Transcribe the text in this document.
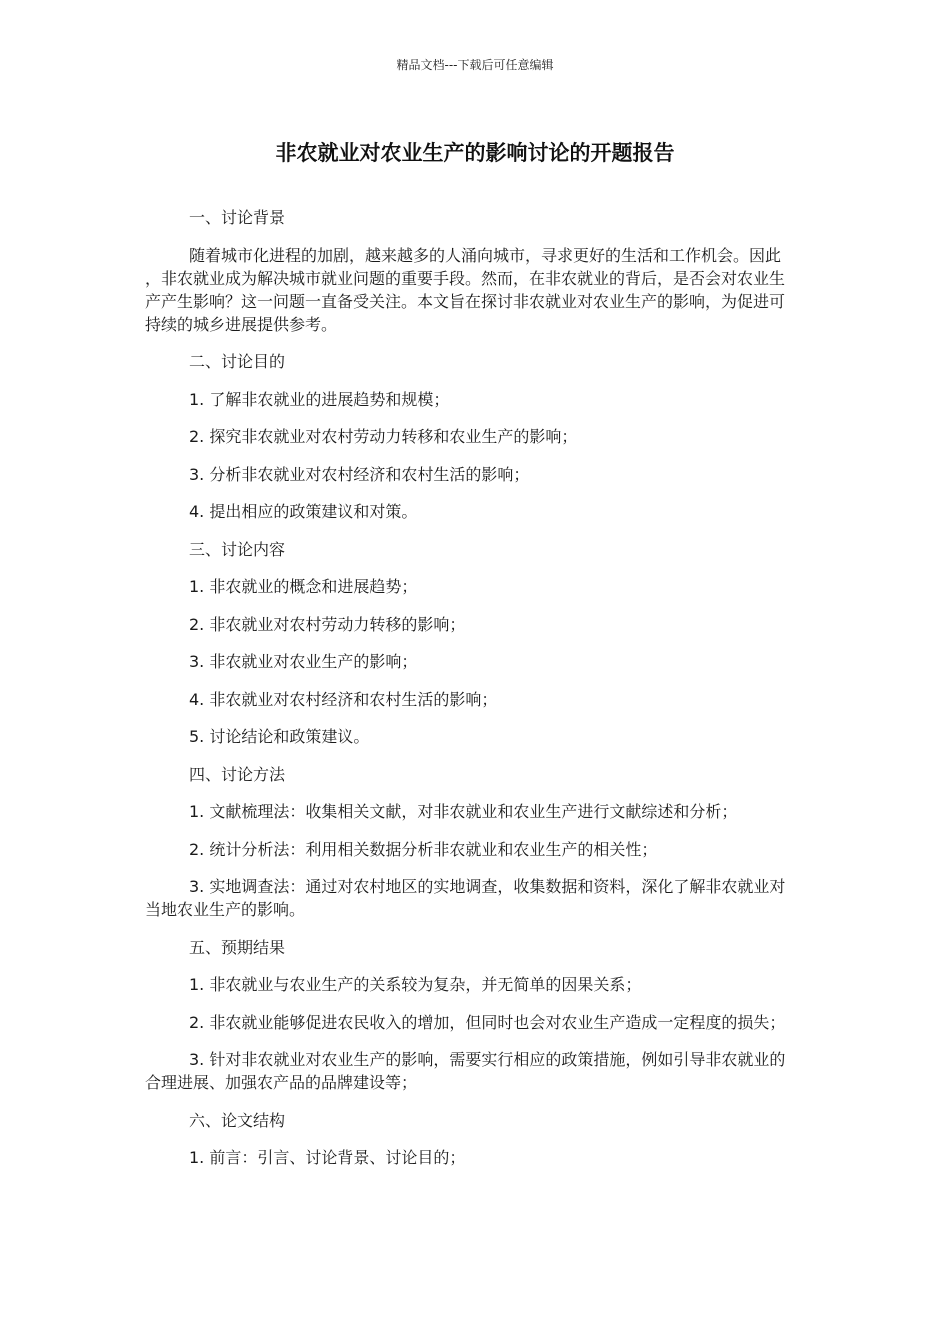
精品文档---下载后可任意编辑
非农就业对农业生产的影响讨论的开题报告

一、讨论背景

随着城市化进程的加剧，越来越多的人涌向城市，寻求更好的生活和工作机会。因此，非农就业成为解决城市就业问题的重要手段。然而，在非农就业的背后，是否会对农业生产产生影响？这一问题一直备受关注。本文旨在探讨非农就业对农业生产的影响，为促进可持续的城乡进展提供参考。

二、讨论目的

1. 了解非农就业的进展趋势和规模；

2. 探究非农就业对农村劳动力转移和农业生产的影响；

3. 分析非农就业对农村经济和农村生活的影响；

4. 提出相应的政策建议和对策。

三、讨论内容

1. 非农就业的概念和进展趋势；

2. 非农就业对农村劳动力转移的影响；

3. 非农就业对农业生产的影响；

4. 非农就业对农村经济和农村生活的影响；

5. 讨论结论和政策建议。

四、讨论方法

1. 文献梳理法：收集相关文献，对非农就业和农业生产进行文献综述和分析；

2. 统计分析法：利用相关数据分析非农就业和农业生产的相关性；

3. 实地调查法：通过对农村地区的实地调查，收集数据和资料，深化了解非农就业对当地农业生产的影响。

五、预期结果

1. 非农就业与农业生产的关系较为复杂，并无简单的因果关系；

2. 非农就业能够促进农民收入的增加，但同时也会对农业生产造成一定程度的损失；

3. 针对非农就业对农业生产的影响，需要实行相应的政策措施，例如引导非农就业的合理进展、加强农产品的品牌建设等；

六、论文结构

1. 前言：引言、讨论背景、讨论目的；
